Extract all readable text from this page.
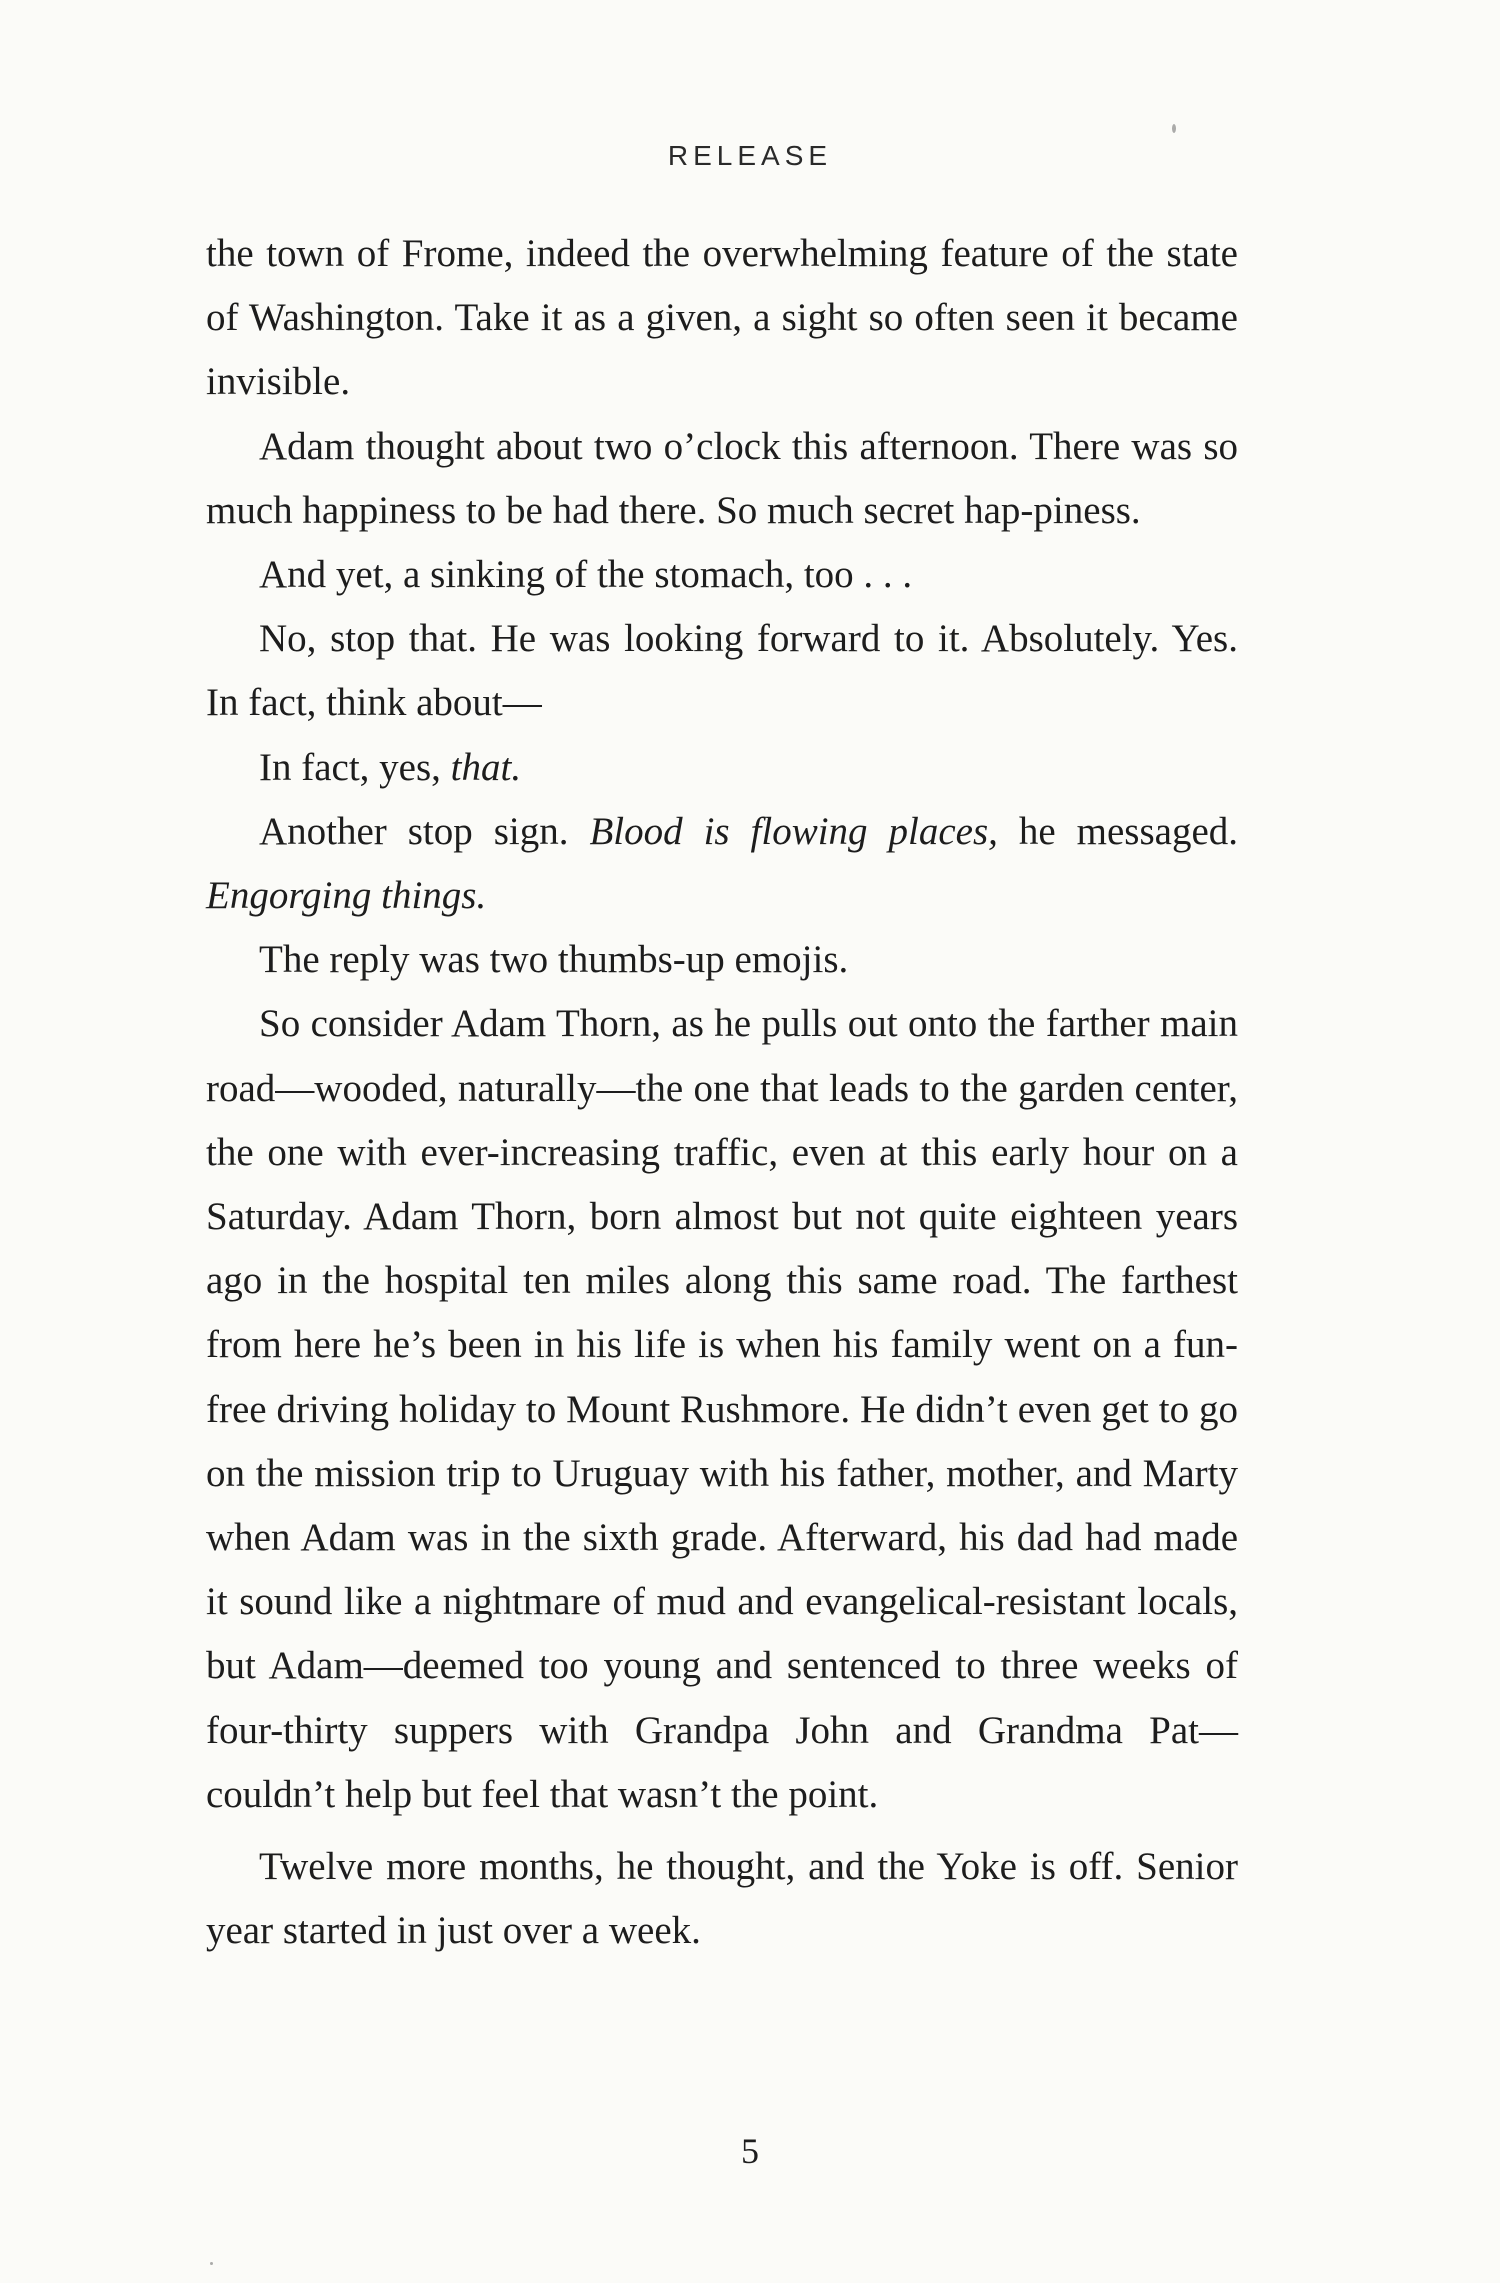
RELEASE

the town of Frome, indeed the overwhelming feature of the state of Washington. Take it as a given, a sight so often seen it became invisible.

Adam thought about two o’clock this afternoon. There was so much happiness to be had there. So much secret hap-piness.

And yet, a sinking of the stomach, too . . .

No, stop that. He was looking forward to it. Absolutely. Yes. In fact, think about—

In fact, yes, that.

Another stop sign. Blood is flowing places, he messaged. Engorging things.

The reply was two thumbs-up emojis.

So consider Adam Thorn, as he pulls out onto the farther main road—wooded, naturally—the one that leads to the garden center, the one with ever-increasing traffic, even at this early hour on a Saturday. Adam Thorn, born almost but not quite eighteen years ago in the hospital ten miles along this same road. The farthest from here he’s been in his life is when his family went on a fun-free driving holiday to Mount Rushmore. He didn’t even get to go on the mission trip to Uruguay with his father, mother, and Marty when Adam was in the sixth grade. Afterward, his dad had made it sound like a nightmare of mud and evangelical-resistant locals, but Adam—deemed too young and sentenced to three weeks of four-thirty suppers with Grandpa John and Grandma Pat—couldn’t help but feel that wasn’t the point.

Twelve more months, he thought, and the Yoke is off. Senior year started in just over a week.

5
